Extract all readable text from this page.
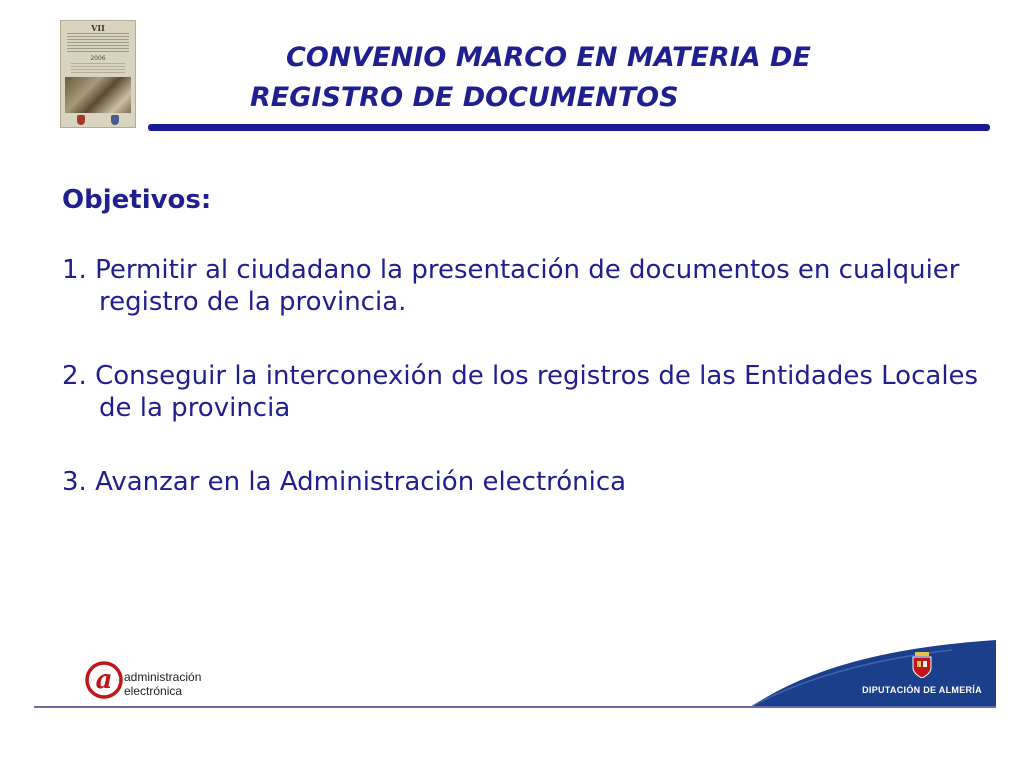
VII
2006	CONVENIO MARCO EN MATERIA DE
REGISTRO DE DOCUMENTOS
Objetivos:
1. Permitir al ciudadano la presentación de documentos en cualquier registro de la provincia.
2. Conseguir la interconexión de los registros de las Entidades Locales de la provincia
3. Avanzar en la Administración electrónica
a administración
electrónica	DIPUTACIÓN DE ALMERÍA
